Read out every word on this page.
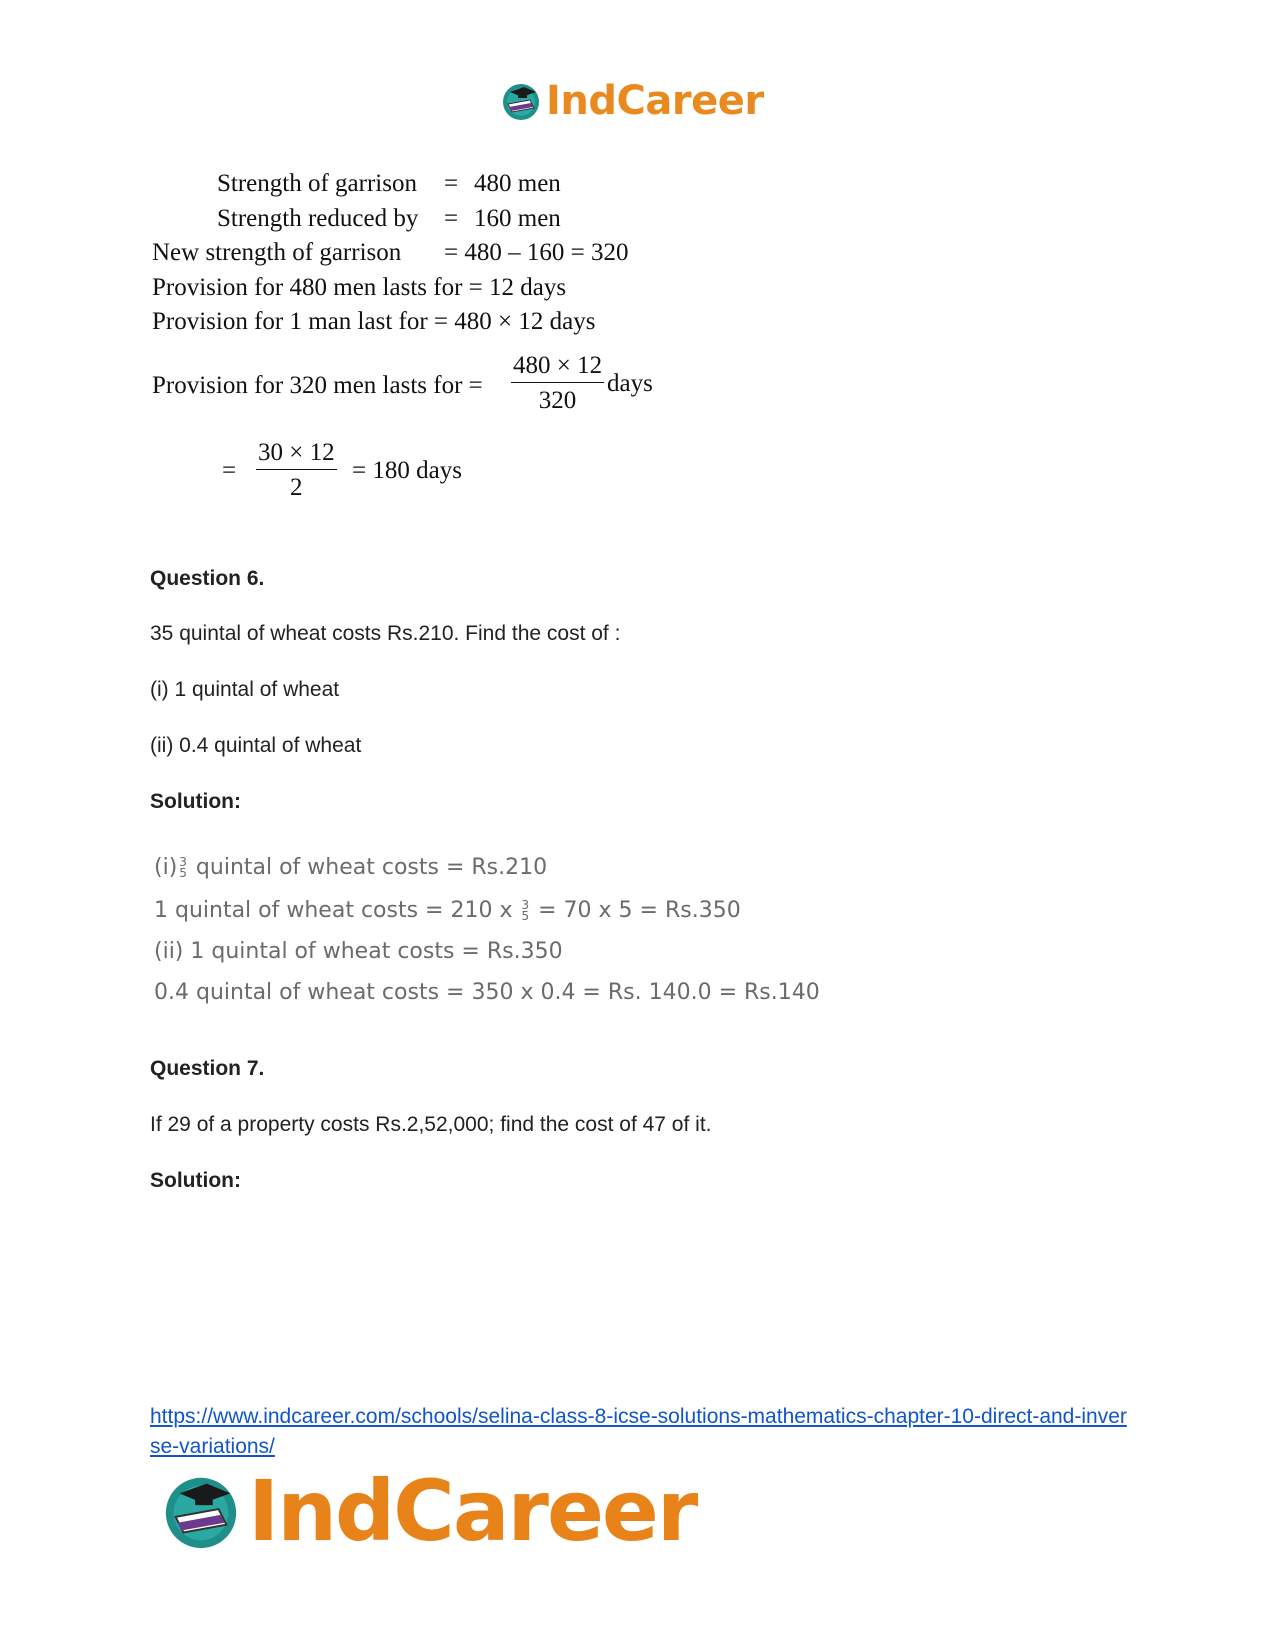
IndCareer
Strength of garrison = 480 men
Strength reduced by = 160 men
New strength of garrison = 480 – 160 = 320
Provision for 480 men lasts for = 12 days
Provision for 1 man last for = 480 × 12 days
Provision for 320 men lasts for = $\frac{480 \times 12}{320}$ days
= $\frac{30 \times 12}{2} = 180$ days
Question 6.
35 quintal of wheat costs Rs.210. Find the cost of :
(i) 1 quintal of wheat
(ii) 0.4 quintal of wheat
Solution:
(i) 3
5 quintal of wheat costs = Rs.210
1 quintal of wheat costs = 210 x 3
5 = 70 x 5 = Rs.350
(ii) 1 quintal of wheat costs = Rs.350
0.4 quintal of wheat costs = 350 x 0.4 = Rs. 140.0 = Rs.140
Question 7.
If 29 of a property costs Rs.2,52,000; find the cost of 47 of it.
Solution:
https://www.indcareer.com/schools/selina-class-8-icse-solutions-mathematics-chapter-10-direct-and-inverse-variations/
IndCareer
